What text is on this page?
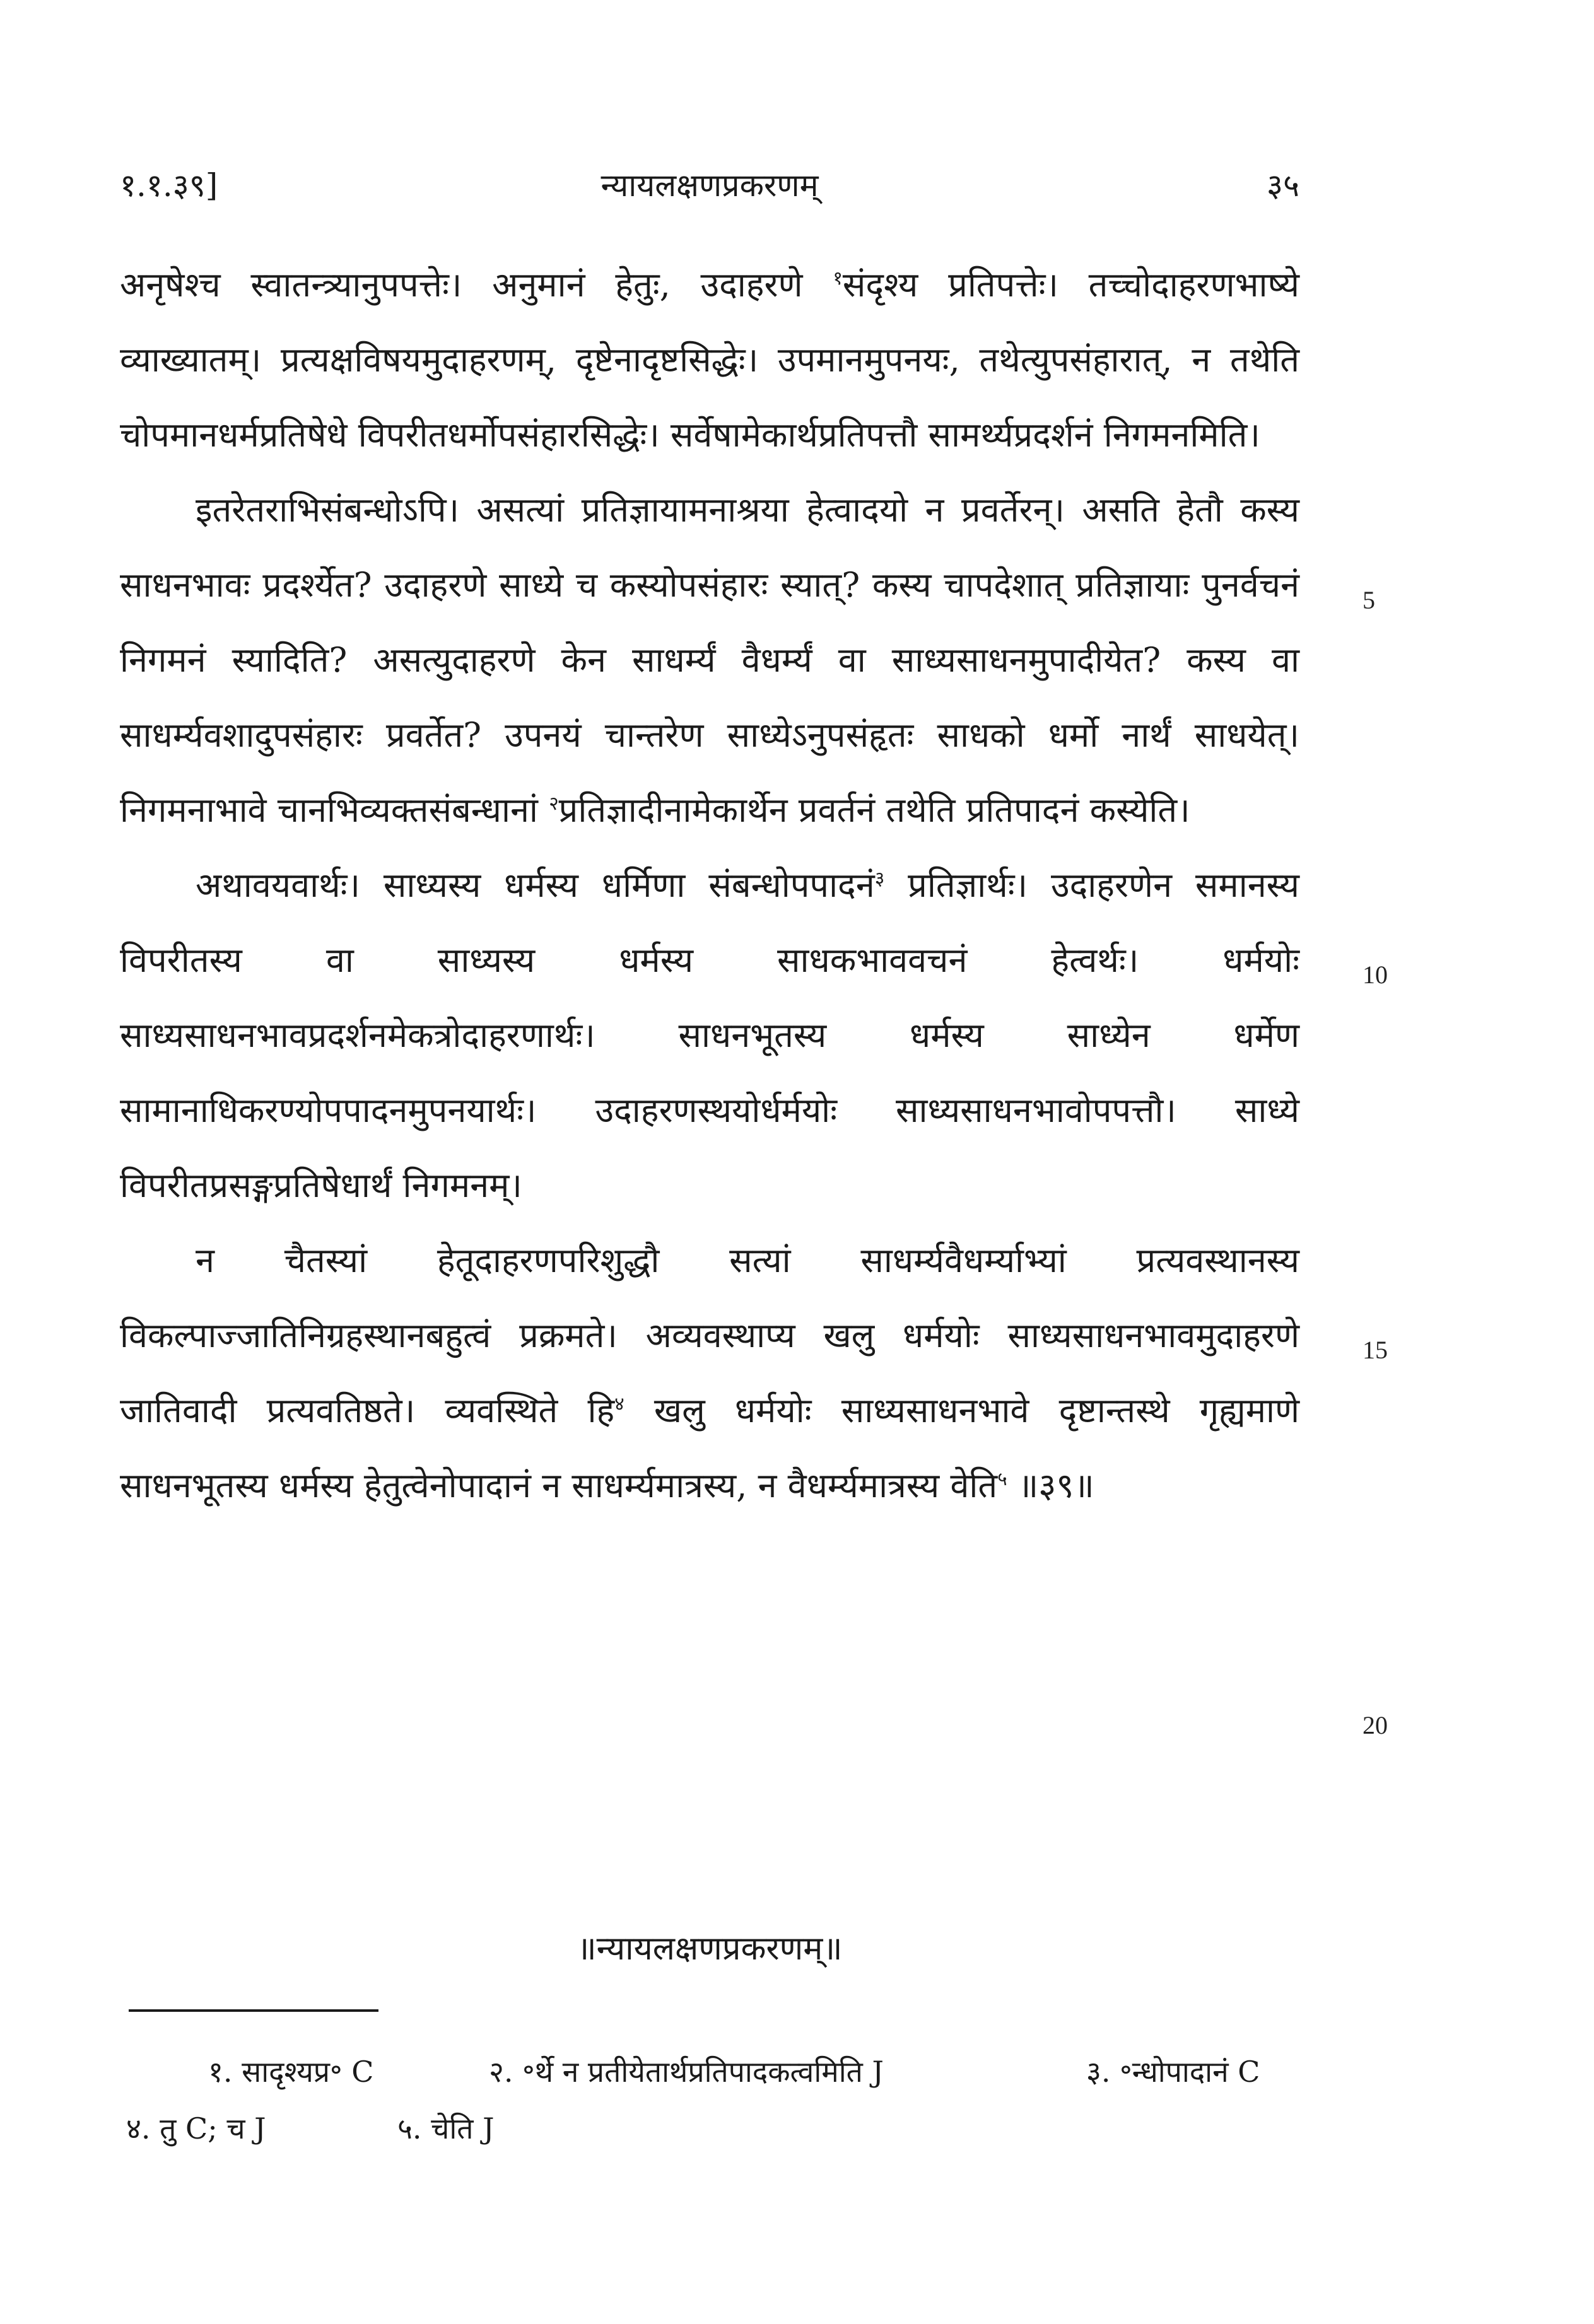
१.१.३९]	न्यायलक्षणप्रकरणम्	३५

अनृषेश्च स्वातन्त्र्यानुपपत्तेः। अनुमानं हेतुः, उदाहरणे $^१$संदृश्य प्रतिपत्तेः। तच्चोदाहरणभाष्ये व्याख्यातम्। प्रत्यक्षविषयमुदाहरणम्, दृष्टेनादृष्टसिद्धेः। उपमानमुपनयः, तथेत्युपसंहारात्, न तथेति चोपमानधर्मप्रतिषेधे विपरीतधर्मोपसंहारसिद्धेः। सर्वेषामेकार्थप्रतिपत्तौ सामर्थ्यप्रदर्शनं निगमनमिति।

इतरेतराभिसंबन्धोऽपि। असत्यां प्रतिज्ञायामनाश्रया हेत्वादयो न प्रवर्तेरन्। असति हेतौ कस्य साधनभावः प्रदर्श्येत? उदाहरणे साध्ये च कस्योपसंहारः स्यात्? कस्य चापदेशात् प्रतिज्ञायाः पुनर्वचनं निगमनं स्यादिति? असत्युदाहरणे केन साधर्म्यं वैधर्म्यं वा साध्यसाधनमुपादीयेत? कस्य वा साधर्म्यवशादुपसंहारः प्रवर्तेत? उपनयं चान्तरेण साध्येऽनुपसंहृतः साधको धर्मो नार्थं साधयेत्। निगमनाभावे चानभिव्यक्तसंबन्धानां $^२$प्रतिज्ञादीनामेकार्थेन प्रवर्तनं तथेति प्रतिपादनं कस्येति।

अथावयवार्थः। साध्यस्य धर्मस्य धर्मिणा संबन्धोपपादनं$^३$ प्रतिज्ञार्थः। उदाहरणेन समानस्य विपरीतस्य वा साध्यस्य धर्मस्य साधकभाववचनं हेत्वर्थः। धर्मयोः साध्यसाधनभावप्रदर्शनमेकत्रोदाहरणार्थः। साधनभूतस्य धर्मस्य साध्येन धर्मेण सामानाधिकरण्योपपादनमुपनयार्थः। उदाहरणस्थयोर्धर्मयोः साध्यसाधनभावोपपत्तौ। साध्ये विपरीतप्रसङ्गप्रतिषेधार्थं निगमनम्।

न चैतस्यां हेतूदाहरणपरिशुद्धौ सत्यां साधर्म्यवैधर्म्याभ्यां प्रत्यवस्थानस्य विकल्पाज्जातिनिग्रहस्थानबहुत्वं प्रक्रमते। अव्यवस्थाप्य खलु धर्मयोः साध्यसाधनभावमुदाहरणे जातिवादी प्रत्यवतिष्ठते। व्यवस्थिते हि$^४$ खलु धर्मयोः साध्यसाधनभावे दृष्टान्तस्थे गृह्यमाणे साधनभूतस्य धर्मस्य हेतुत्वेनोपादानं न साधर्म्यमात्रस्य, न वैधर्म्यमात्रस्य वेति$^५$ ॥३९॥

5
10
15
20
॥न्यायलक्षणप्रकरणम्॥
१. सादृश्यप्र॰ C	२. ॰र्थे न प्रतीयेतार्थप्रतिपादकत्वमिति J	३. ॰न्धोपादानं C
४. तु C; च J	५. चेति J
